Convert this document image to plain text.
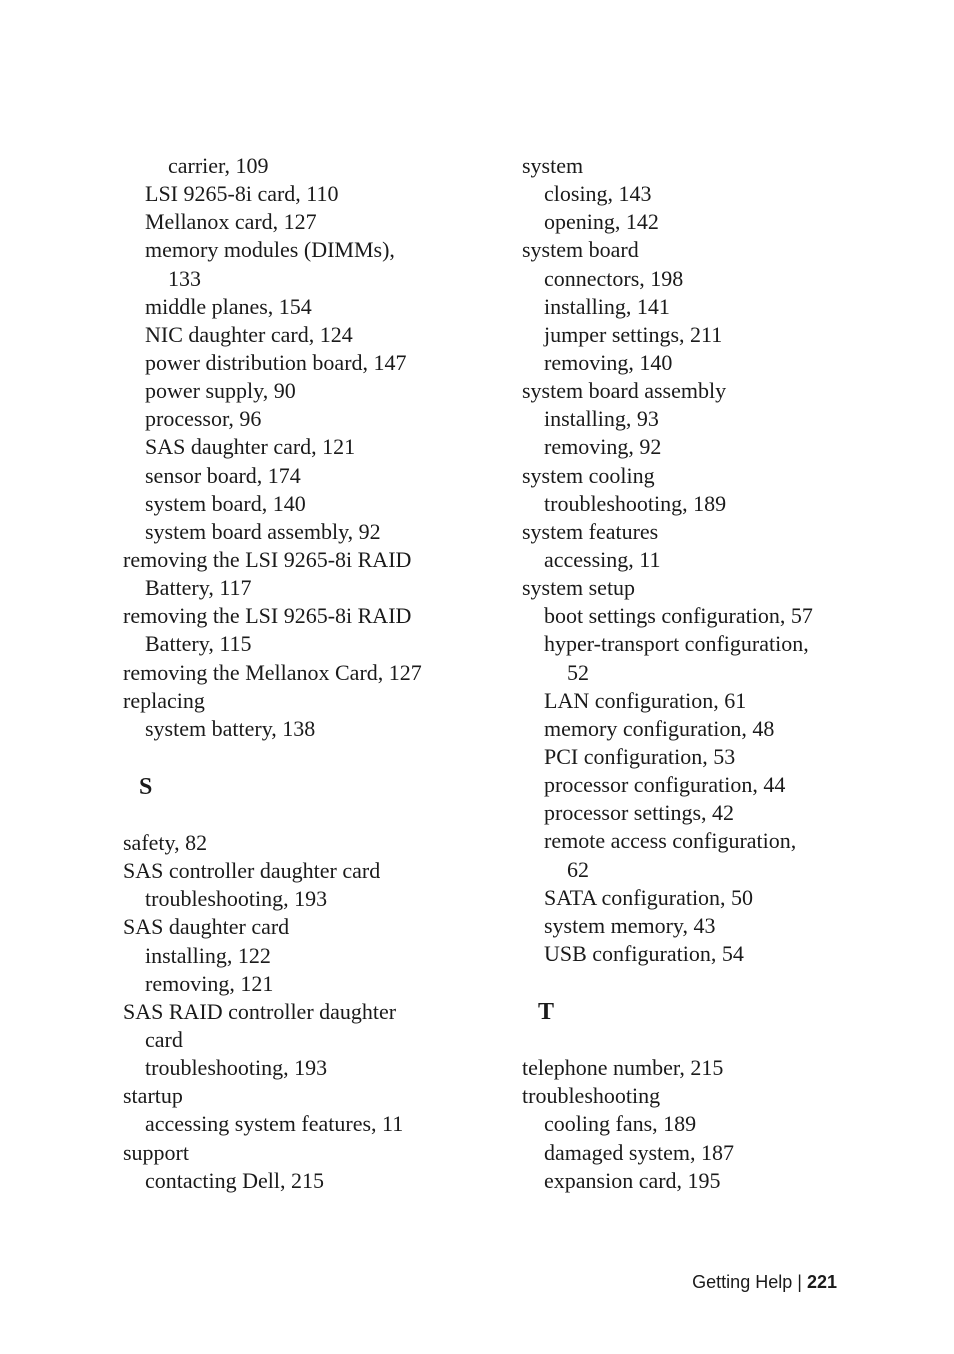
carrier, 109
LSI 9265-8i card, 110
Mellanox card, 127
memory modules (DIMMs),
133
middle planes, 154
NIC daughter card, 124
power distribution board, 147
power supply, 90
processor, 96
SAS daughter card, 121
sensor board, 174
system board, 140
system board assembly, 92
removing the LSI 9265-8i RAID
Battery, 117
removing the LSI 9265-8i RAID
Battery, 115
removing the Mellanox Card, 127
replacing
system battery, 138
S
safety, 82
SAS controller daughter card
troubleshooting, 193
SAS daughter card
installing, 122
removing, 121
SAS RAID controller daughter
card
troubleshooting, 193
startup
accessing system features, 11
support
contacting Dell, 215
system
closing, 143
opening, 142
system board
connectors, 198
installing, 141
jumper settings, 211
removing, 140
system board assembly
installing, 93
removing, 92
system cooling
troubleshooting, 189
system features
accessing, 11
system setup
boot settings configuration, 57
hyper-transport configuration,
52
LAN configuration, 61
memory configuration, 48
PCI configuration, 53
processor configuration, 44
processor settings, 42
remote access configuration,
62
SATA configuration, 50
system memory, 43
USB configuration, 54
T
telephone number, 215
troubleshooting
cooling fans, 189
damaged system, 187
expansion card, 195
Getting Help | 221
